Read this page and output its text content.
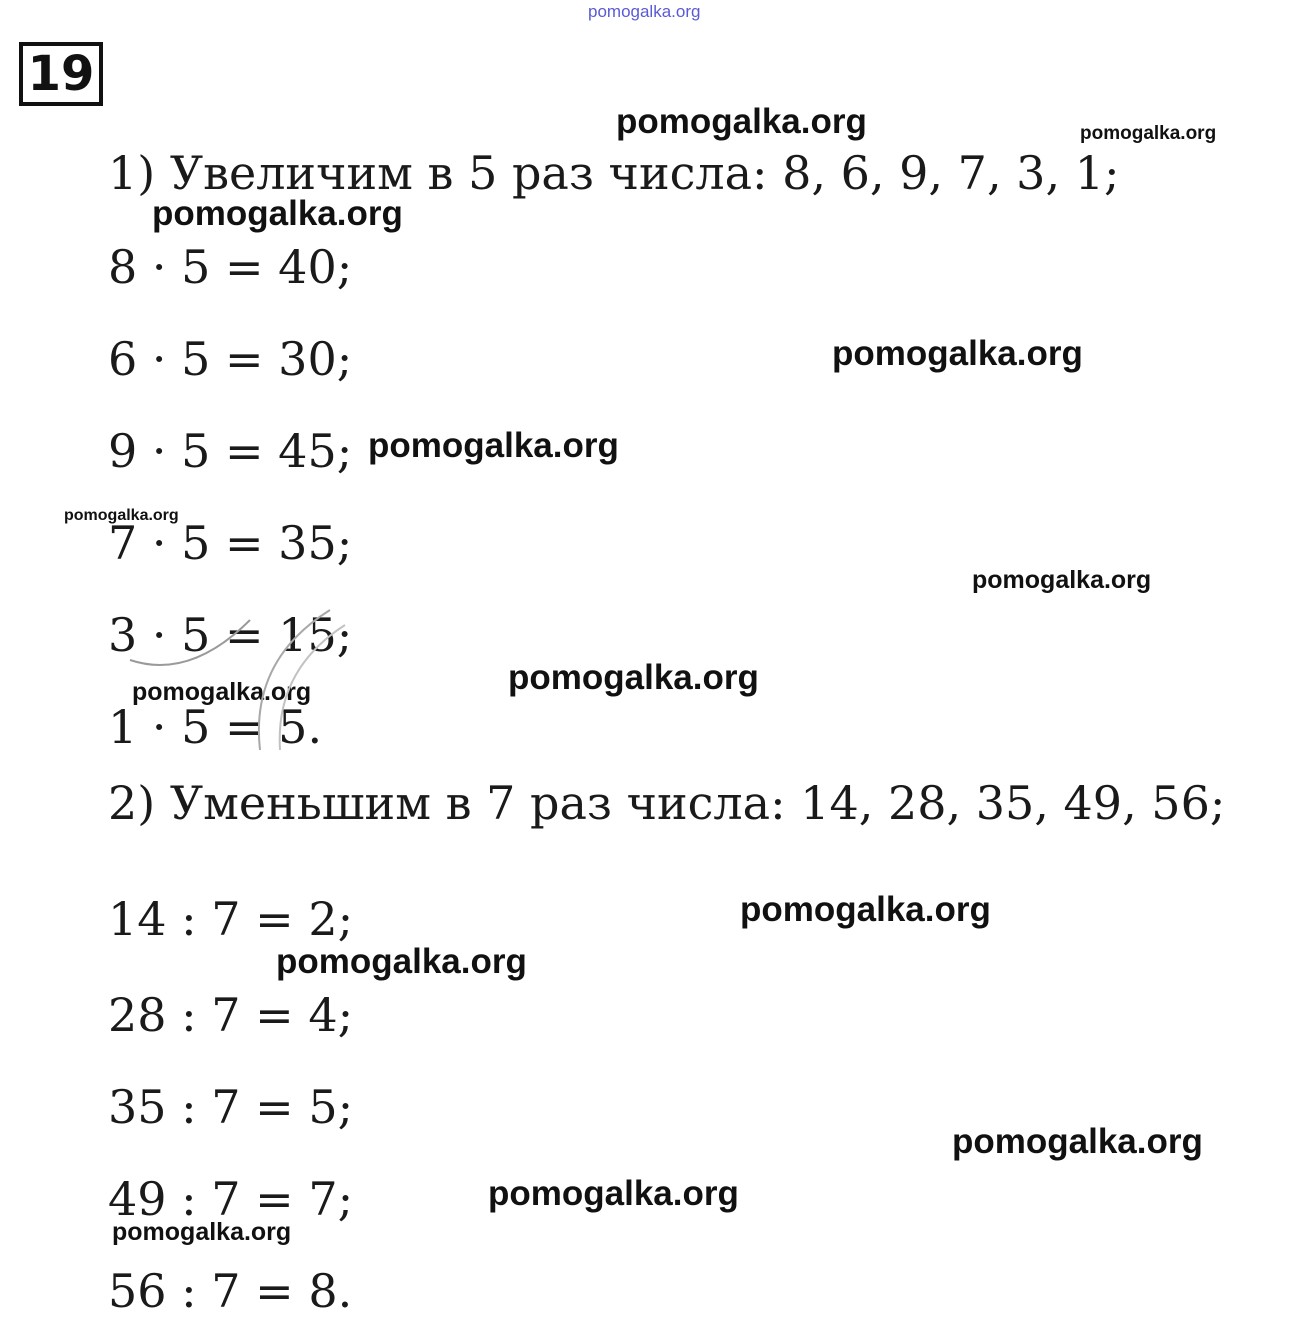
pomogalka.org
19
pomogalka.org	pomogalka.org
1) Увеличим в 5 раз числа: 8, 6, 9, 7, 3, 1;
pomogalka.org
8 · 5 = 40;
6 · 5 = 30;	pomogalka.org
9 · 5 = 45; pomogalka.org
pomogalka.org
7 · 5 = 35;
pomogalka.org
3 · 5 = 15;
pomogalka.org
pomogalka.org
1 · 5 = 5.
2) Уменьшим в 7 раз числа: 14, 28, 35, 49, 56;
14 : 7 = 2;	pomogalka.org
pomogalka.org
28 : 7 = 4;
35 : 7 = 5;
pomogalka.org
49 : 7 = 7;	pomogalka.org
pomogalka.org
56 : 7 = 8.
